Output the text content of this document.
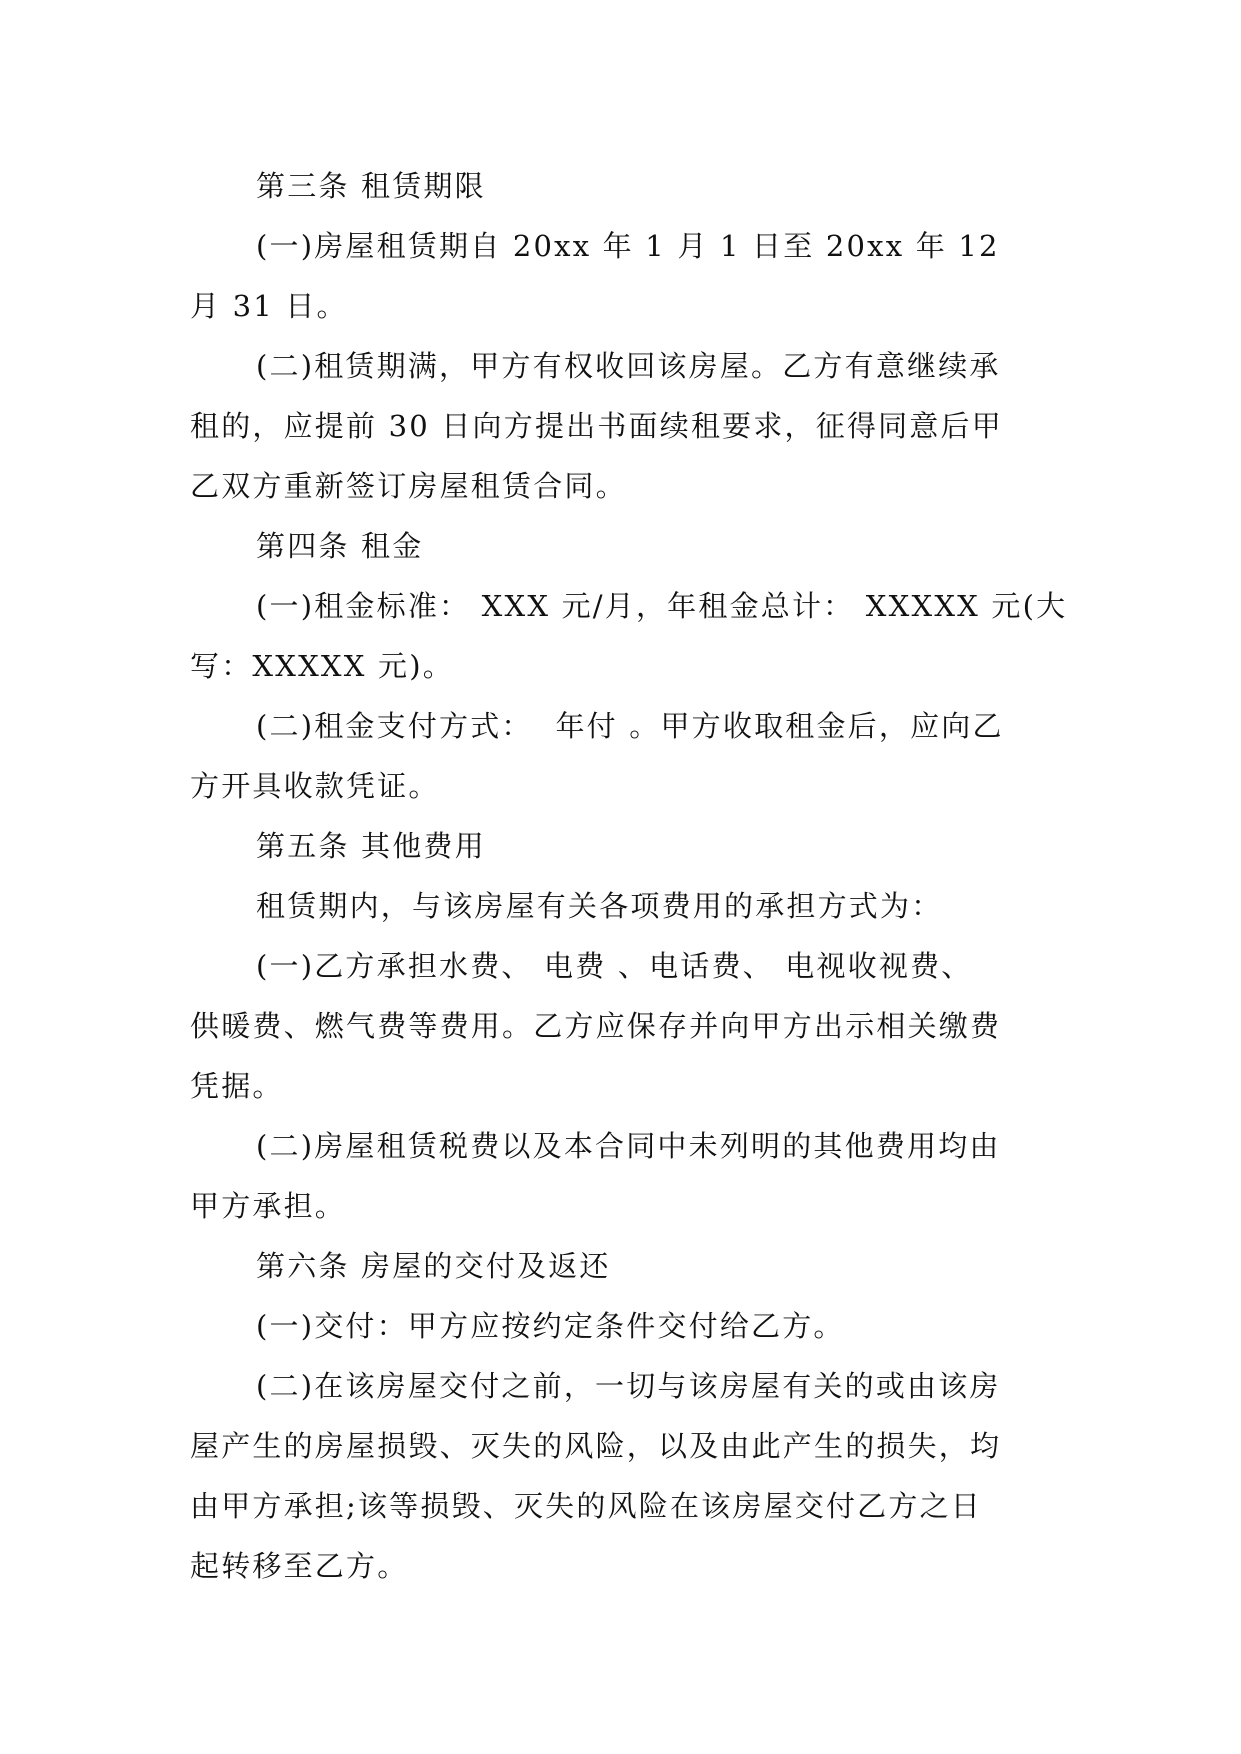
第三条 租赁期限
(一)房屋租赁期自 20xx 年 1 月 1 日至 20xx 年 12
月 31 日。
(二)租赁期满，甲方有权收回该房屋。乙方有意继续承
租的，应提前 30 日向方提出书面续租要求，征得同意后甲
乙双方重新签订房屋租赁合同。
第四条 租金
(一)租金标准： XXX 元/月，年租金总计： XXXXX 元(大
写：XXXXX 元)。
(二)租金支付方式：  年付 。甲方收取租金后，应向乙
方开具收款凭证。
第五条 其他费用
租赁期内，与该房屋有关各项费用的承担方式为：
(一)乙方承担水费、 电费 、电话费、 电视收视费、
供暖费、燃气费等费用。乙方应保存并向甲方出示相关缴费
凭据。
(二)房屋租赁税费以及本合同中未列明的其他费用均由
甲方承担。
第六条 房屋的交付及返还
(一)交付：甲方应按约定条件交付给乙方。
(二)在该房屋交付之前，一切与该房屋有关的或由该房
屋产生的房屋损毁、灭失的风险，以及由此产生的损失，均
由甲方承担;该等损毁、灭失的风险在该房屋交付乙方之日
起转移至乙方。
